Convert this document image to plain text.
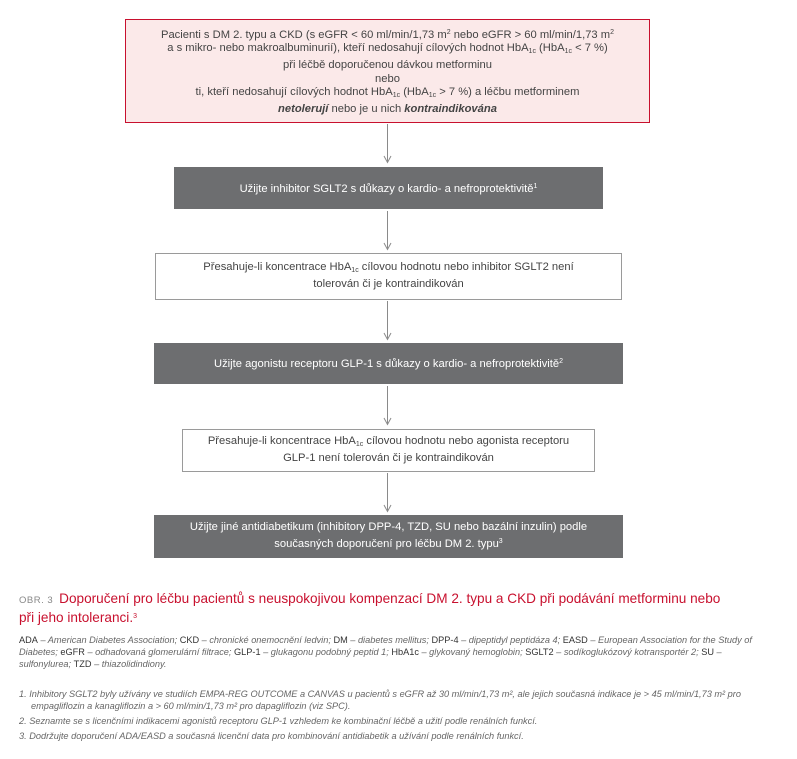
Pacienti s DM 2. typu a CKD (s eGFR < 60 ml/min/1,73 $m^2$ nebo eGFR > 60 ml/min/1,73 $m^2$
a s mikro- nebo makroalbuminurií), kteří nedosahují cílových hodnot HbA$_{1c}$ (HbA$_{1c}$ < 7 %)
při léčbě doporučenou dávkou metforminu
nebo
ti, kteří nedosahují cílových hodnot HbA$_{1c}$ (HbA$_{1c}$ > 7 %) a léčbu metforminem
netolerují nebo je u nich kontraindikována
Užijte inhibitor SGLT2 s důkazy o kardio- a nefroprotektivitě$^1$
Přesahuje-li koncentrace HbA$_{1c}$ cílovou hodnotu nebo inhibitor SGLT2 není
tolerován či je kontraindikován
Užijte agonistu receptoru GLP-1 s důkazy o kardio- a nefroprotektivitě$^2$
Přesahuje-li koncentrace HbA$_{1c}$ cílovou hodnotu nebo agonista receptoru
GLP-1 není tolerován či je kontraindikován
Užijte jiné antidiabetikum (inhibitory DPP-4, TZD, SU nebo bazální inzulin) podle
současných doporučení pro léčbu DM 2. typu$^3$
OBR. 3 Doporučení pro léčbu pacientů s neuspokojivou kompenzací DM 2. typu a CKD při podávání metforminu nebo při jeho intoleranci.$^3$
ADA – American Diabetes Association; CKD – chronické onemocnění ledvin; DM – diabetes mellitus; DPP-4 – dipeptidyl peptidáza 4; EASD – European Association for the Study of Diabetes; eGFR – odhadovaná glomerulární filtrace; GLP-1 – glukagonu podobný peptid 1; HbA1c – glykovaný hemoglobin; SGLT2 – sodíkoglukózový kotransportér 2; SU – sulfonylurea; TZD – thiazolidindiony.
1. Inhibitory SGLT2 byly užívány ve studiích EMPA-REG OUTCOME a CANVAS u pacientů s eGFR až 30 ml/min/1,73 m², ale jejich současná indikace je > 45 ml/min/1,73 m² pro empagliflozin a kanagliflozin a > 60 ml/min/1,73 m² pro dapagliflozin (viz SPC).
2. Seznamte se s licenčními indikacemi agonistů receptoru GLP-1 vzhledem ke kombinační léčbě a užití podle renálních funkcí.
3. Dodržujte doporučení ADA/EASD a současná licenční data pro kombinování antidiabetik a užívání podle renálních funkcí.
